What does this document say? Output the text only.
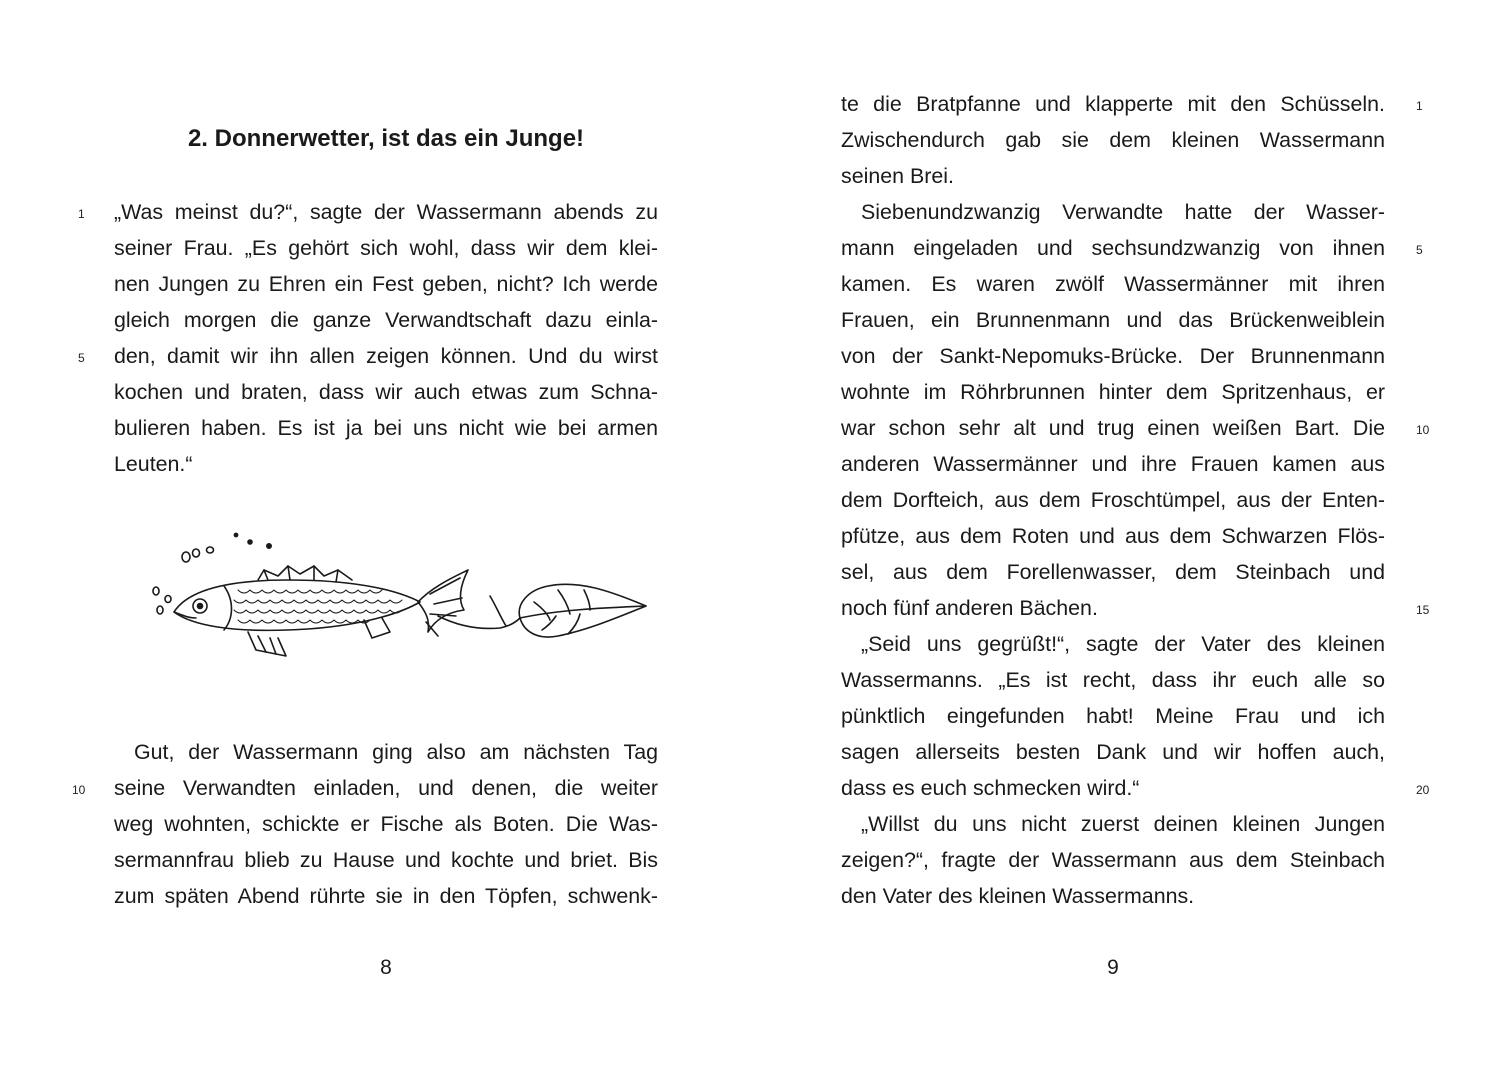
2. Donnerwetter, ist das ein Junge!
„Was meinst du?“, sagte der Wassermann abends zu
seiner Frau. „Es gehört sich wohl, dass wir dem klei-
nen Jungen zu Ehren ein Fest geben, nicht? Ich werde
gleich morgen die ganze Verwandtschaft dazu einla-
den, damit wir ihn allen zeigen können. Und du wirst
kochen und braten, dass wir auch etwas zum Schna-
bulieren haben. Es ist ja bei uns nicht wie bei armen
Leuten.“
Gut, der Wassermann ging also am nächsten Tag
seine Verwandten einladen, und denen, die weiter
weg wohnten, schickte er Fische als Boten. Die Was-
sermannfrau blieb zu Hause und kochte und briet. Bis
zum späten Abend rührte sie in den Töpfen, schwenk-
1
5
10
8
te die Bratpfanne und klapperte mit den Schüsseln.
Zwischendurch gab sie dem kleinen Wassermann
seinen Brei.
Siebenundzwanzig Verwandte hatte der Wasser-
mann eingeladen und sechsundzwanzig von ihnen
kamen. Es waren zwölf Wassermänner mit ihren
Frauen, ein Brunnenmann und das Brückenweiblein
von der Sankt-Nepomuks-Brücke. Der Brunnenmann
wohnte im Röhrbrunnen hinter dem Spritzenhaus, er
war schon sehr alt und trug einen weißen Bart. Die
anderen Wassermänner und ihre Frauen kamen aus
dem Dorfteich, aus dem Froschtümpel, aus der Enten-
pfütze, aus dem Roten und aus dem Schwarzen Flös-
sel, aus dem Forellenwasser, dem Steinbach und
noch fünf anderen Bächen.
„Seid uns gegrüßt!“, sagte der Vater des kleinen
Wassermanns. „Es ist recht, dass ihr euch alle so
pünktlich eingefunden habt! Meine Frau und ich
sagen allerseits besten Dank und wir hoffen auch,
dass es euch schmecken wird.“
„Willst du uns nicht zuerst deinen kleinen Jungen
zeigen?“, fragte der Wassermann aus dem Steinbach
den Vater des kleinen Wassermanns.
1
5
10
15
20
9
